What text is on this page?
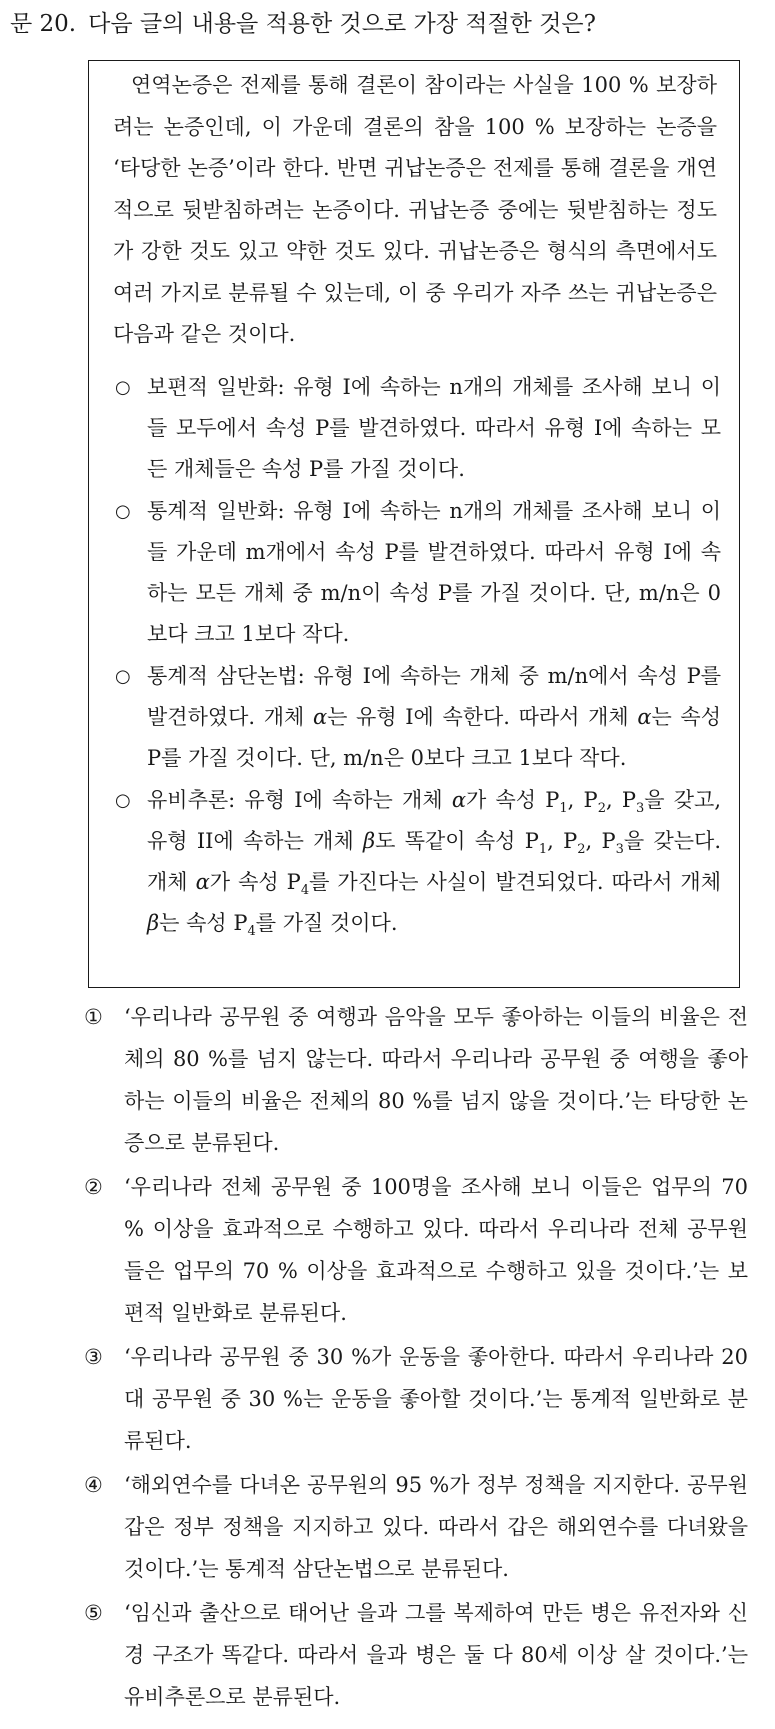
문 20. 다음 글의 내용을 적용한 것으로 가장 적절한 것은?

연역논증은 전제를 통해 결론이 참이라는 사실을 100 % 보장하려는 논증인데, 이 가운데 결론의 참을 100 % 보장하는 논증을 ‘타당한 논증’이라 한다. 반면 귀납논증은 전제를 통해 결론을 개연적으로 뒷받침하려는 논증이다. 귀납논증 중에는 뒷받침하는 정도가 강한 것도 있고 약한 것도 있다. 귀납논증은 형식의 측면에서도 여러 가지로 분류될 수 있는데, 이 중 우리가 자주 쓰는 귀납논증은 다음과 같은 것이다.

○ 보편적 일반화: 유형 I에 속하는 n개의 개체를 조사해 보니 이들 모두에서 속성 P를 발견하였다. 따라서 유형 I에 속하는 모든 개체들은 속성 P를 가질 것이다.
○ 통계적 일반화: 유형 I에 속하는 n개의 개체를 조사해 보니 이들 가운데 m개에서 속성 P를 발견하였다. 따라서 유형 I에 속하는 모든 개체 중 m/n이 속성 P를 가질 것이다. 단, m/n은 0보다 크고 1보다 작다.
○ 통계적 삼단논법: 유형 I에 속하는 개체 중 m/n에서 속성 P를 발견하였다. 개체 α는 유형 I에 속한다. 따라서 개체 α는 속성 P를 가질 것이다. 단, m/n은 0보다 크고 1보다 작다.
○ 유비추론: 유형 I에 속하는 개체 α가 속성 $P_1$, $P_2$, $P_3$을 갖고, 유형 II에 속하는 개체 β도 똑같이 속성 $P_1$, $P_2$, $P_3$을 갖는다. 개체 α가 속성 $P_4$를 가진다는 사실이 발견되었다. 따라서 개체 β는 속성 $P_4$를 가질 것이다.
① ‘우리나라 공무원 중 여행과 음악을 모두 좋아하는 이들의 비율은 전체의 80 %를 넘지 않는다. 따라서 우리나라 공무원 중 여행을 좋아하는 이들의 비율은 전체의 80 %를 넘지 않을 것이다.’는 타당한 논증으로 분류된다.
② ‘우리나라 전체 공무원 중 100명을 조사해 보니 이들은 업무의 70 % 이상을 효과적으로 수행하고 있다. 따라서 우리나라 전체 공무원들은 업무의 70 % 이상을 효과적으로 수행하고 있을 것이다.’는 보편적 일반화로 분류된다.
③ ‘우리나라 공무원 중 30 %가 운동을 좋아한다. 따라서 우리나라 20대 공무원 중 30 %는 운동을 좋아할 것이다.’는 통계적 일반화로 분류된다.
④ ‘해외연수를 다녀온 공무원의 95 %가 정부 정책을 지지한다. 공무원 갑은 정부 정책을 지지하고 있다. 따라서 갑은 해외연수를 다녀왔을 것이다.’는 통계적 삼단논법으로 분류된다.
⑤ ‘임신과 출산으로 태어난 을과 그를 복제하여 만든 병은 유전자와 신경 구조가 똑같다. 따라서 을과 병은 둘 다 80세 이상 살 것이다.’는 유비추론으로 분류된다.
